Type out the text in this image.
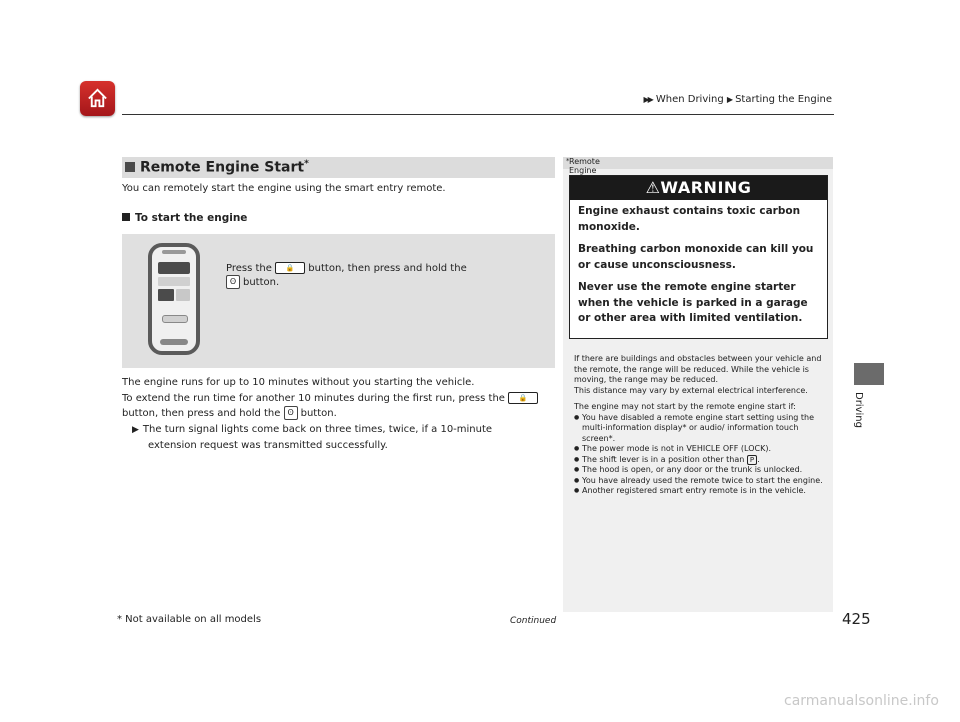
▶▶ When Driving ▶ Starting the Engine
Driving
Remote Engine Start*
You can remotely start the engine using the smart entry remote.
To start the engine
Press the 🔒 button, then press and hold the
ʘ button.
The engine runs for up to 10 minutes without you starting the vehicle.
To extend the run time for another 10 minutes during the first run, press the 🔒
button, then press and hold the ʘ button.
▶ The turn signal lights come back on three times, twice, if a 10-minute
extension request was transmitted successfully.
Remote Engine
*
⚠WARNING

Engine exhaust contains toxic carbon monoxide.

Breathing carbon monoxide can kill you or cause unconsciousness.

Never use the remote engine starter when the vehicle is parked in a garage or other area with limited ventilation.

If there are buildings and obstacles between your vehicle and the remote, the range will be reduced. While the vehicle is moving, the range may be reduced.

This distance may vary by external electrical interference.

The engine may not start by the remote engine start if:

● You have disabled a remote engine start setting using the multi-information display* or audio/ information touch screen*.
● The power mode is not in VEHICLE OFF (LOCK).
● The shift lever is in a position other than P .
● The hood is open, or any door or the trunk is unlocked.
● You have already used the remote twice to start the engine.
● Another registered smart entry remote is in the vehicle.
* Not available on all models	Continued	425
carmanualsonline.info
